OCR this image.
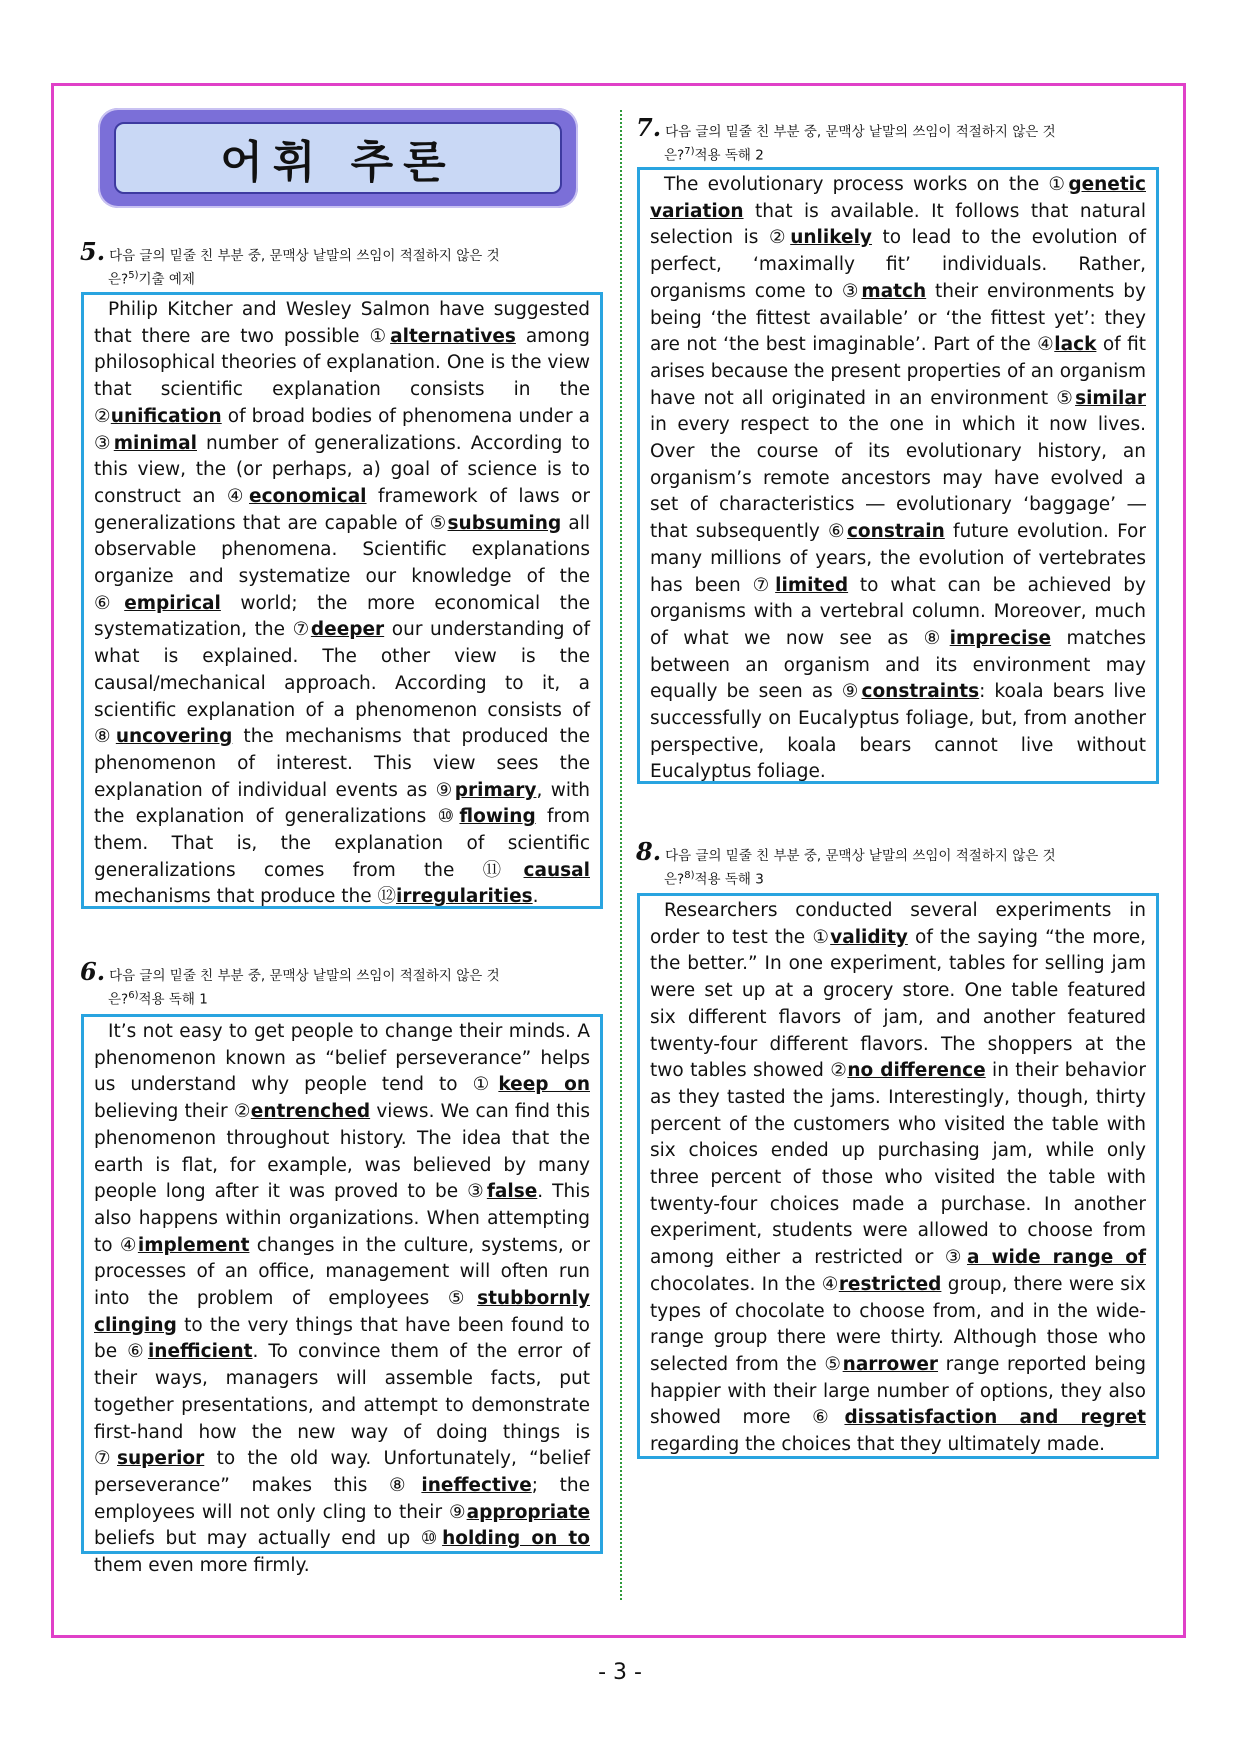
어휘 추론
5. 다음 글의 밑줄 친 부분 중, 문맥상 낱말의 쓰임이 적절하지 않은 것
은?$^{5)}$기출 예제

Philip Kitcher and Wesley Salmon have suggested that there are two possible ①alternatives among philosophical theories of explanation. One is the view that scientific explanation consists in the ②unification of broad bodies of phenomena under a ③minimal number of generalizations. According to this view, the (or perhaps, a) goal of science is to construct an ④economical framework of laws or generalizations that are capable of ⑤subsuming all observable phenomena. Scientific explanations organize and systematize our knowledge of the ⑥empirical world; the more economical the systematization, the ⑦deeper our understanding of what is explained. The other view is the causal/mechanical approach. According to it, a scientific explanation of a phenomenon consists of ⑧uncovering the mechanisms that produced the phenomenon of interest. This view sees the explanation of individual events as ⑨primary, with the explanation of generalizations ⑩flowing from them. That is, the explanation of scientific generalizations comes from the ⑪causal mechanisms that produce the ⑫irregularities.

6. 다음 글의 밑줄 친 부분 중, 문맥상 낱말의 쓰임이 적절하지 않은 것
은?$^{6)}$적용 독해 1

It’s not easy to get people to change their minds. A phenomenon known as “belief perseverance” helps us understand why people tend to ①keep on believing their ②entrenched views. We can find this phenomenon throughout history. The idea that the earth is flat, for example, was believed by many people long after it was proved to be ③false. This also happens within organizations. When attempting to ④implement changes in the culture, systems, or processes of an office, management will often run into the problem of employees ⑤stubbornly clinging to the very things that have been found to be ⑥inefficient. To convince them of the error of their ways, managers will assemble facts, put together presentations, and attempt to demonstrate first-hand how the new way of doing things is ⑦superior to the old way. Unfortunately, “belief perseverance” makes this ⑧ineffective; the employees will not only cling to their ⑨appropriate beliefs but may actually end up ⑩holding on to them even more firmly.

7. 다음 글의 밑줄 친 부분 중, 문맥상 낱말의 쓰임이 적절하지 않은 것
은?$^{7)}$적용 독해 2

The evolutionary process works on the ①genetic variation that is available. It follows that natural selection is ②unlikely to lead to the evolution of perfect, ‘maximally fit’ individuals. Rather, organisms come to ③match their environments by being ‘the fittest available’ or ‘the fittest yet’: they are not ‘the best imaginable’. Part of the ④lack of fit arises because the present properties of an organism have not all originated in an environment ⑤similar in every respect to the one in which it now lives. Over the course of its evolutionary history, an organism’s remote ancestors may have evolved a set of characteristics ― evolutionary ‘baggage’ ― that subsequently ⑥constrain future evolution. For many millions of years, the evolution of vertebrates has been ⑦limited to what can be achieved by organisms with a vertebral column. Moreover, much of what we now see as ⑧imprecise matches between an organism and its environment may equally be seen as ⑨constraints: koala bears live successfully on Eucalyptus foliage, but, from another perspective, koala bears cannot live without Eucalyptus foliage.

8. 다음 글의 밑줄 친 부분 중, 문맥상 낱말의 쓰임이 적절하지 않은 것
은?$^{8)}$적용 독해 3

Researchers conducted several experiments in order to test the ①validity of the saying “the more, the better.” In one experiment, tables for selling jam were set up at a grocery store. One table featured six different flavors of jam, and another featured twenty-four different flavors. The shoppers at the two tables showed ②no difference in their behavior as they tasted the jams. Interestingly, though, thirty percent of the customers who visited the table with six choices ended up purchasing jam, while only three percent of those who visited the table with twenty-four choices made a purchase. In another experiment, students were allowed to choose from among either a restricted or ③a wide range of chocolates. In the ④restricted group, there were six types of chocolate to choose from, and in the wide-range group there were thirty. Although those who selected from the ⑤narrower range reported being happier with their large number of options, they also showed more ⑥dissatisfaction and regret regarding the choices that they ultimately made.

- 3 -
